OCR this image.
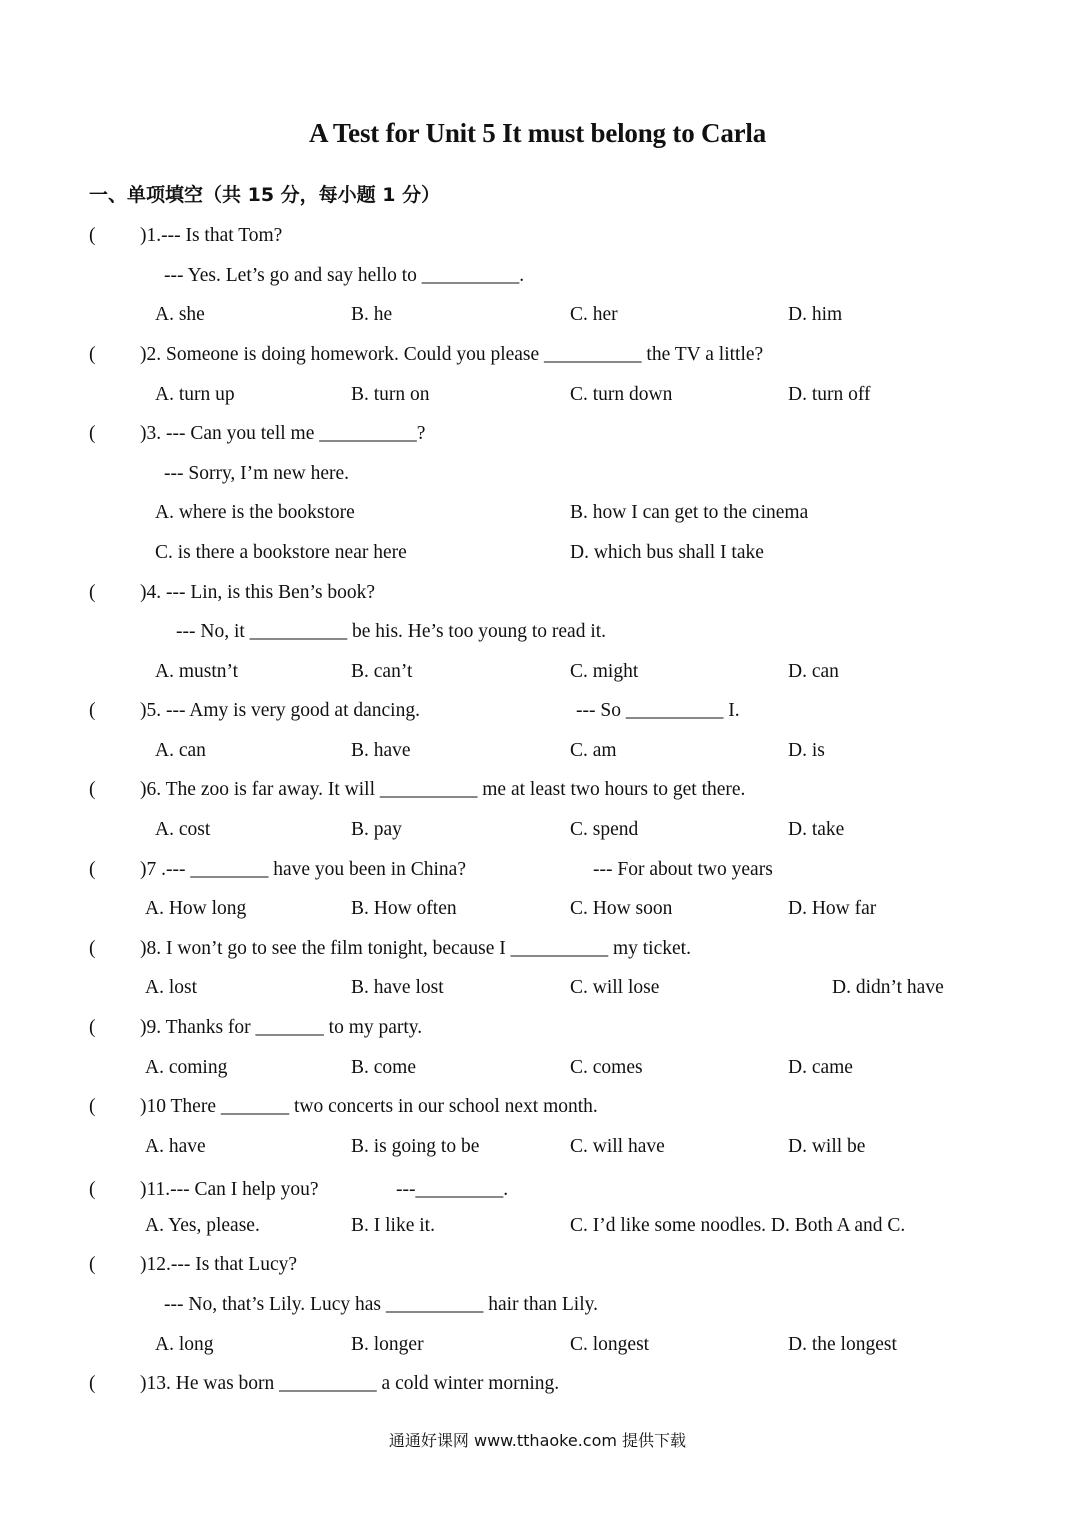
A Test for Unit 5 It must belong to Carla
一、单项填空（共 15 分，每小题 1 分）
( )1.--- Is that Tom?
--- Yes. Let’s go and say hello to __________.
A. she	B. he	C. her	D. him
( )2. Someone is doing homework. Could you please __________ the TV a little?
A. turn up	B. turn on	C. turn down	D. turn off
( )3. --- Can you tell me __________?
--- Sorry, I’m new here.
A. where is the bookstore	B. how I can get to the cinema
C. is there a bookstore near here	D. which bus shall I take
( )4. --- Lin, is this Ben’s book?
--- No, it __________ be his. He’s too young to read it.
A. mustn’t	B. can’t	C. might	D. can
( )5. --- Amy is very good at dancing.	--- So __________ I.
A. can	B. have	C. am	D. is
( )6. The zoo is far away. It will __________ me at least two hours to get there.
A. cost	B. pay	C. spend	D. take
( )7 .--- ________ have you been in China?	--- For about two years
A. How long	B. How often	C. How soon	D. How far
( )8. I won’t go to see the film tonight, because I __________ my ticket.
A. lost	B. have lost	C. will lose	D. didn’t have
( )9. Thanks for _______ to my party.
A. coming	B. come	C. comes	D. came
( )10 There _______ two concerts in our school next month.
A. have	B. is going to be	C. will have	D. will be
( )11.--- Can I help you?	---_________.
A. Yes, please.	B. I like it.	C. I’d like some noodles. D. Both A and C.
( )12.--- Is that Lucy?
--- No, that’s Lily. Lucy has __________ hair than Lily.
A. long	B. longer	C. longest	D. the longest
( )13. He was born __________ a cold winter morning.
通通好课网 www.tthaoke.com 提供下载
